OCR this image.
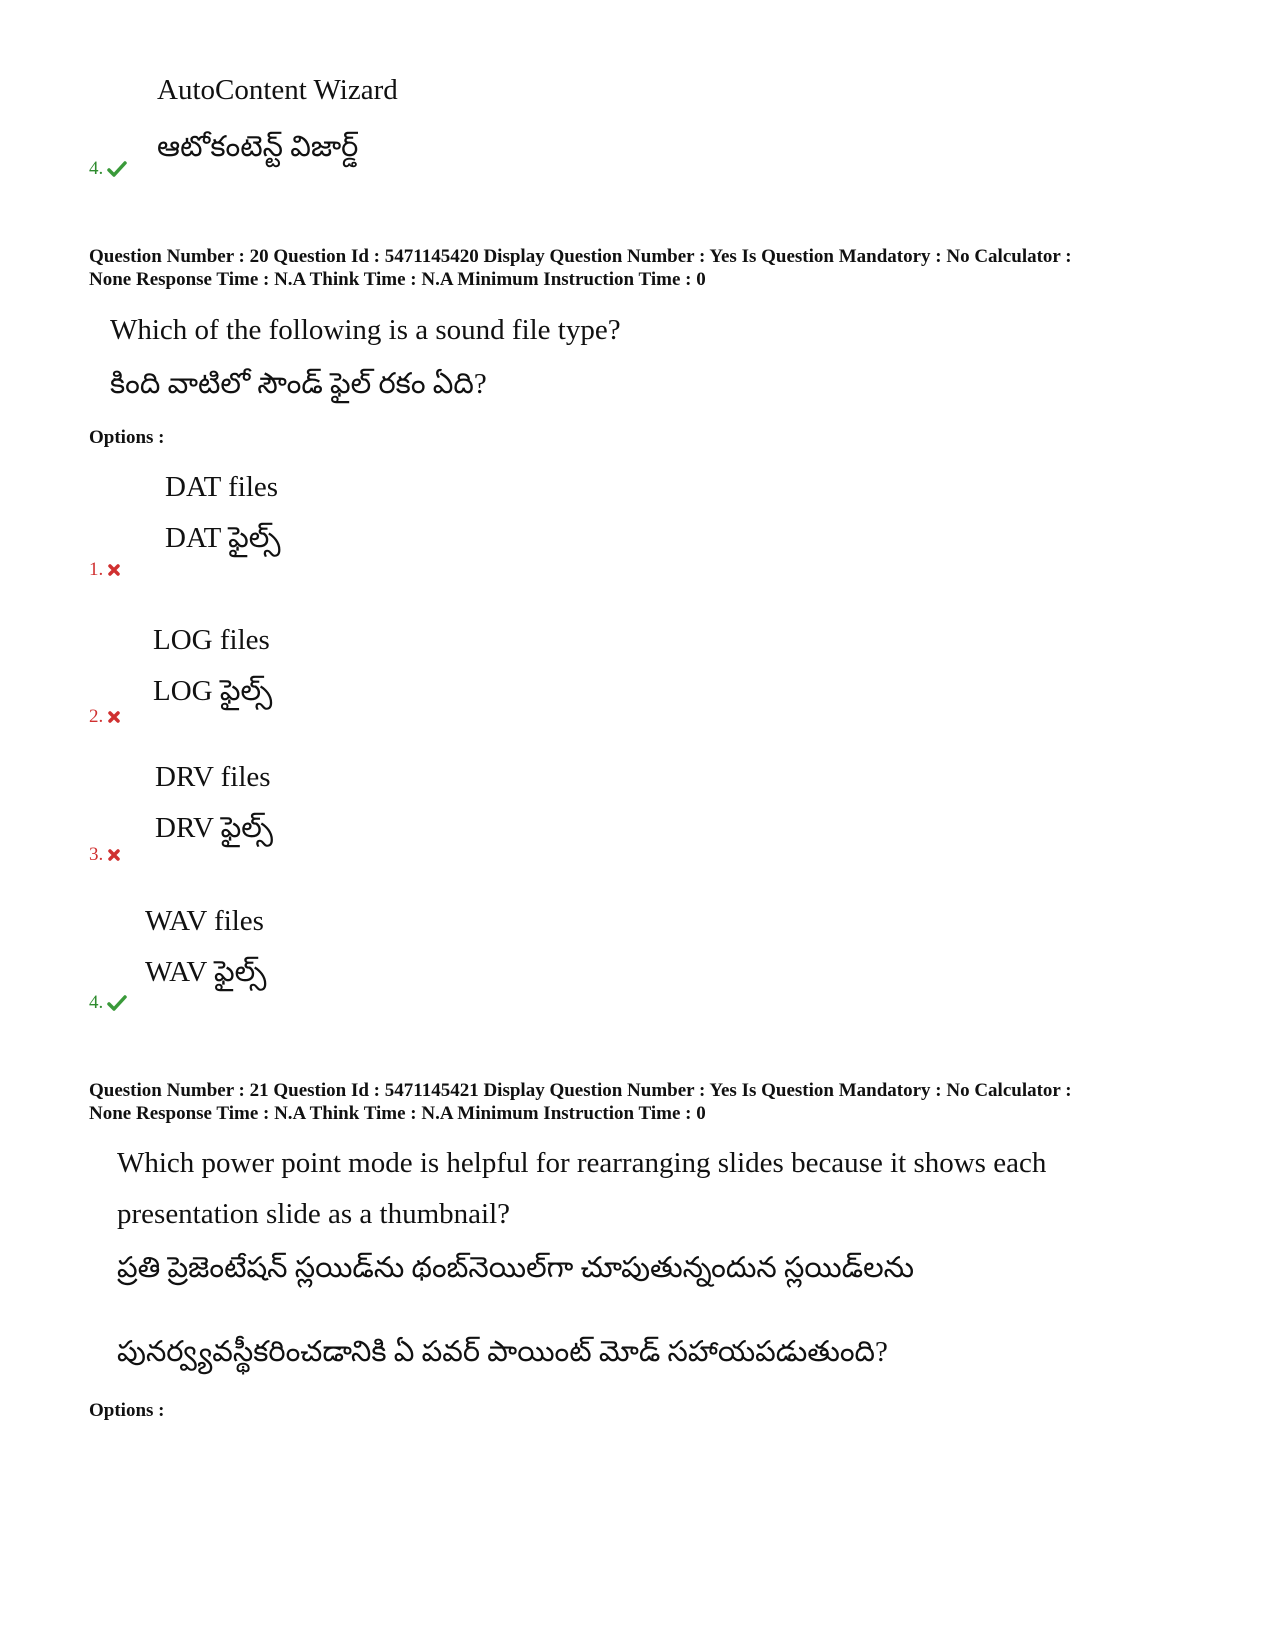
AutoContent Wizard
ఆటోకంటెన్ట్ విజార్డ్
4.
Question Number : 20 Question Id : 5471145420 Display Question Number : Yes Is Question Mandatory : No Calculator :
None Response Time : N.A Think Time : N.A Minimum Instruction Time : 0
Which of the following is a sound file type?
కింది వాటిలో సౌండ్ ఫైల్ రకం ఏది?
Options :
DAT files
DAT ఫైల్స్
1.
LOG files
LOG ఫైల్స్
2.
DRV files
DRV ఫైల్స్
3.
WAV files
WAV ఫైల్స్
4.
Question Number : 21 Question Id : 5471145421 Display Question Number : Yes Is Question Mandatory : No Calculator :
None Response Time : N.A Think Time : N.A Minimum Instruction Time : 0
Which power point mode is helpful for rearranging slides because it shows each
presentation slide as a thumbnail?
ప్రతి ప్రెజెంటేషన్ స్లయిడ్‌ను థంబ్‌నెయిల్‌గా చూపుతున్నందున స్లయిడ్‌లను
పునర్వ్యవస్థీకరించడానికి ఏ పవర్ పాయింట్ మోడ్ సహాయపడుతుంది?
Options :
